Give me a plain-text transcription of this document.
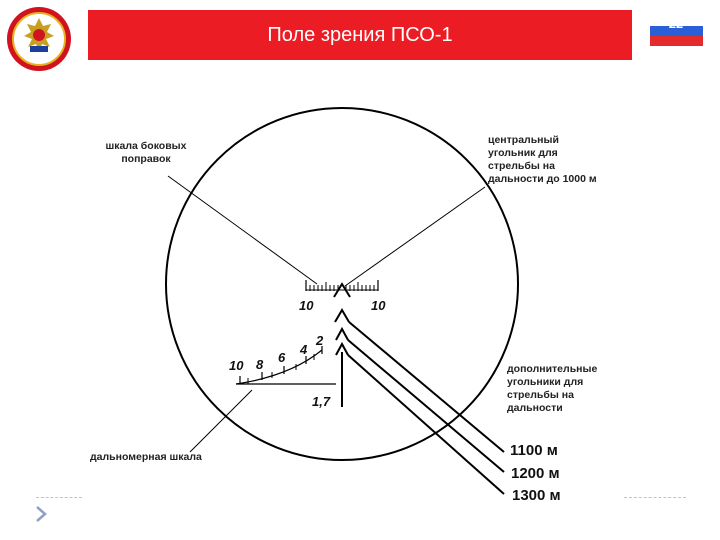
Поле зрения ПСО-1	22
10	10
10 8 6
4
2
1,7
шкала боковых
поправок
центральный
угольник для
стрельбы на
дальности до 1000 м
дополнительные
угольники для
стрельбы на
дальности
дальномерная шкала	1100 м
1200 м
1300 м
